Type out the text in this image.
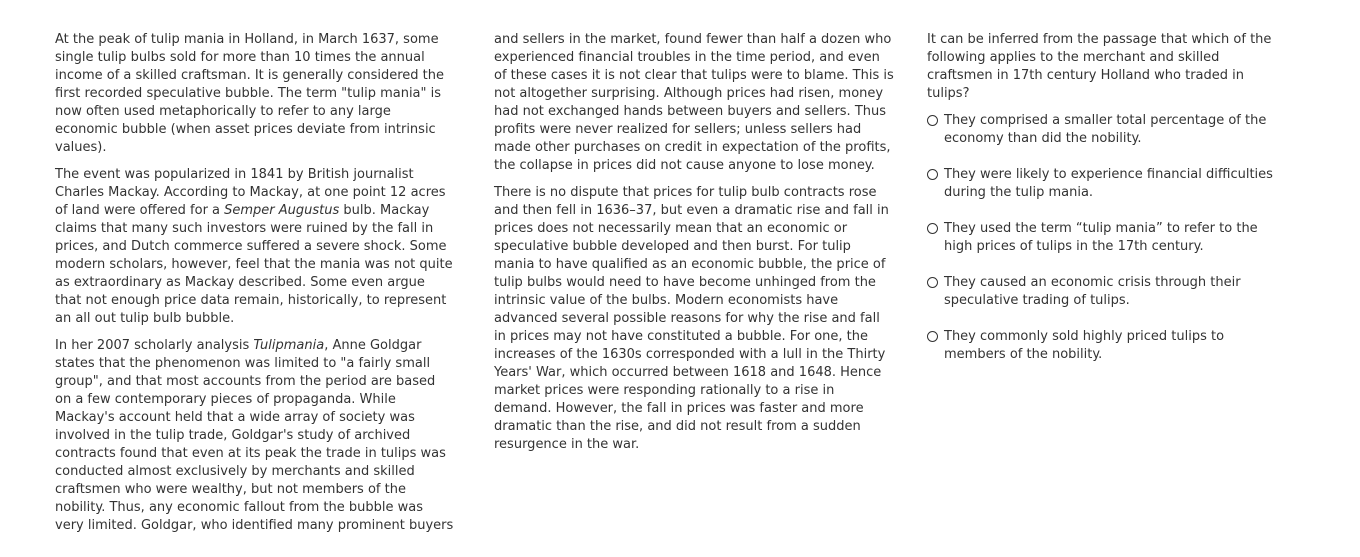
At the peak of tulip mania in Holland, in March 1637, some single tulip bulbs sold for more than 10 times the annual income of a skilled craftsman. It is generally considered the first recorded speculative bubble. The term "tulip mania" is now often used metaphorically to refer to any large economic bubble (when asset prices deviate from intrinsic values).

The event was popularized in 1841 by British journalist Charles Mackay. According to Mackay, at one point 12 acres of land were offered for a Semper Augustus bulb. Mackay claims that many such investors were ruined by the fall in prices, and Dutch commerce suffered a severe shock. Some modern scholars, however, feel that the mania was not quite as extraordinary as Mackay described. Some even argue that not enough price data remain, historically, to represent an all out tulip bulb bubble.

In her 2007 scholarly analysis Tulipmania, Anne Goldgar states that the phenomenon was limited to "a fairly small group", and that most accounts from the period are based on a few contemporary pieces of propaganda. While Mackay's account held that a wide array of society was involved in the tulip trade, Goldgar's study of archived contracts found that even at its peak the trade in tulips was conducted almost exclusively by merchants and skilled craftsmen who were wealthy, but not members of the nobility. Thus, any economic fallout from the bubble was very limited. Goldgar, who identified many prominent buyers

and sellers in the market, found fewer than half a dozen who experienced financial troubles in the time period, and even of these cases it is not clear that tulips were to blame. This is not altogether surprising. Although prices had risen, money had not exchanged hands between buyers and sellers. Thus profits were never realized for sellers; unless sellers had made other purchases on credit in expectation of the profits, the collapse in prices did not cause anyone to lose money.

There is no dispute that prices for tulip bulb contracts rose and then fell in 1636–37, but even a dramatic rise and fall in prices does not necessarily mean that an economic or speculative bubble developed and then burst. For tulip mania to have qualified as an economic bubble, the price of tulip bulbs would need to have become unhinged from the intrinsic value of the bulbs. Modern economists have advanced several possible reasons for why the rise and fall in prices may not have constituted a bubble. For one, the increases of the 1630s corresponded with a lull in the Thirty Years' War, which occurred between 1618 and 1648. Hence market prices were responding rationally to a rise in demand. However, the fall in prices was faster and more dramatic than the rise, and did not result from a sudden resurgence in the war.

It can be inferred from the passage that which of the following applies to the merchant and skilled craftsmen in 17th century Holland who traded in tulips?

They comprised a smaller total percentage of the economy than did the nobility.
They were likely to experience financial difficulties during the tulip mania.
They used the term “tulip mania” to refer to the high prices of tulips in the 17th century.
They caused an economic crisis through their speculative trading of tulips.
They commonly sold highly priced tulips to members of the nobility.
